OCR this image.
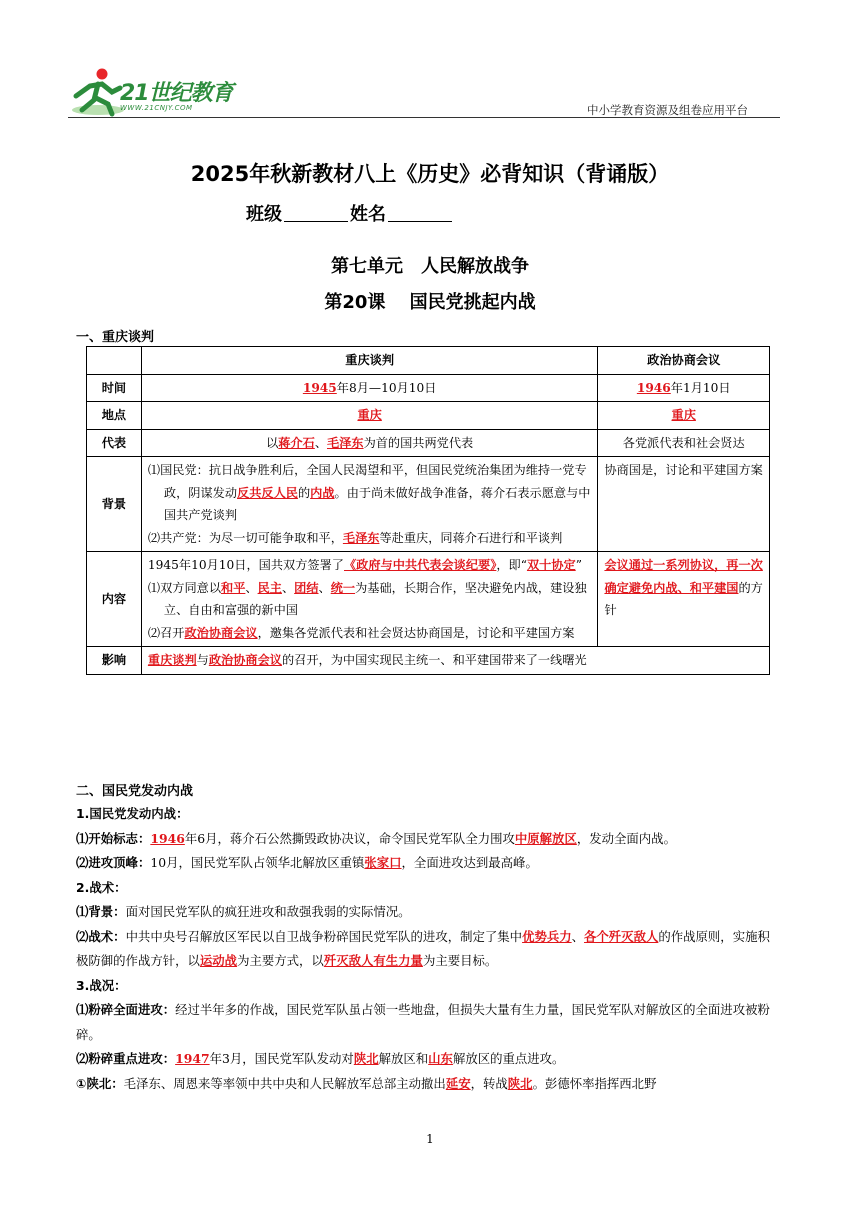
21世纪教育
WWW.21CNJY.COM	中小学教育资源及组卷应用平台
2025年秋新教材八上《历史》必背知识（背诵版）
班级	姓名
第七单元　人民解放战争
第20课　 国民党挑起内战
一、重庆谈判
	重庆谈判	政治协商会议
时间	1945年8月—10月10日	1946年1月10日
地点	重庆	重庆
代表	以蒋介石、毛泽东为首的国共两党代表	各党派代表和社会贤达
背景	⑴国民党：抗日战争胜利后，全国人民渴望和平，但国民党统治集团为维持一党专政，阴谋发动反共反人民的内战。由于尚未做好战争准备，蒋介石表示愿意与中国共产党谈判
⑵共产党：为尽一切可能争取和平，毛泽东等赴重庆，同蒋介石进行和平谈判	协商国是，讨论和平建国方案
内容	1945年10月10日，国共双方签署了《政府与中共代表会谈纪要》，即“双十协定”
⑴双方同意以和平、民主、团结、统一为基础，长期合作，坚决避免内战，建设独立、自由和富强的新中国
⑵召开政治协商会议，邀集各党派代表和社会贤达协商国是，讨论和平建国方案	会议通过一系列协议，再一次确定避免内战、和平建国的方针
影响	重庆谈判与政治协商会议的召开，为中国实现民主统一、和平建国带来了一线曙光	
二、国民党发动内战

1.国民党发动内战：

⑴开始标志：1946年6月，蒋介石公然撕毁政协决议，命令国民党军队全力围攻中原解放区，发动全面内战。

⑵进攻顶峰：10月，国民党军队占领华北解放区重镇张家口，全面进攻达到最高峰。

2.战术：

⑴背景：面对国民党军队的疯狂进攻和敌强我弱的实际情况。

⑵战术：中共中央号召解放区军民以自卫战争粉碎国民党军队的进攻，制定了集中优势兵力、各个歼灭敌人的作战原则，实施积极防御的作战方针，以运动战为主要方式，以歼灭敌人有生力量为主要目标。

3.战况：

⑴粉碎全面进攻：经过半年多的作战，国民党军队虽占领一些地盘，但损失大量有生力量，国民党军队对解放区的全面进攻被粉碎。

⑵粉碎重点进攻：1947年3月，国民党军队发动对陕北解放区和山东解放区的重点进攻。

①陕北：毛泽东、周恩来等率领中共中央和人民解放军总部主动撤出延安，转战陕北。彭德怀率指挥西北野

1
